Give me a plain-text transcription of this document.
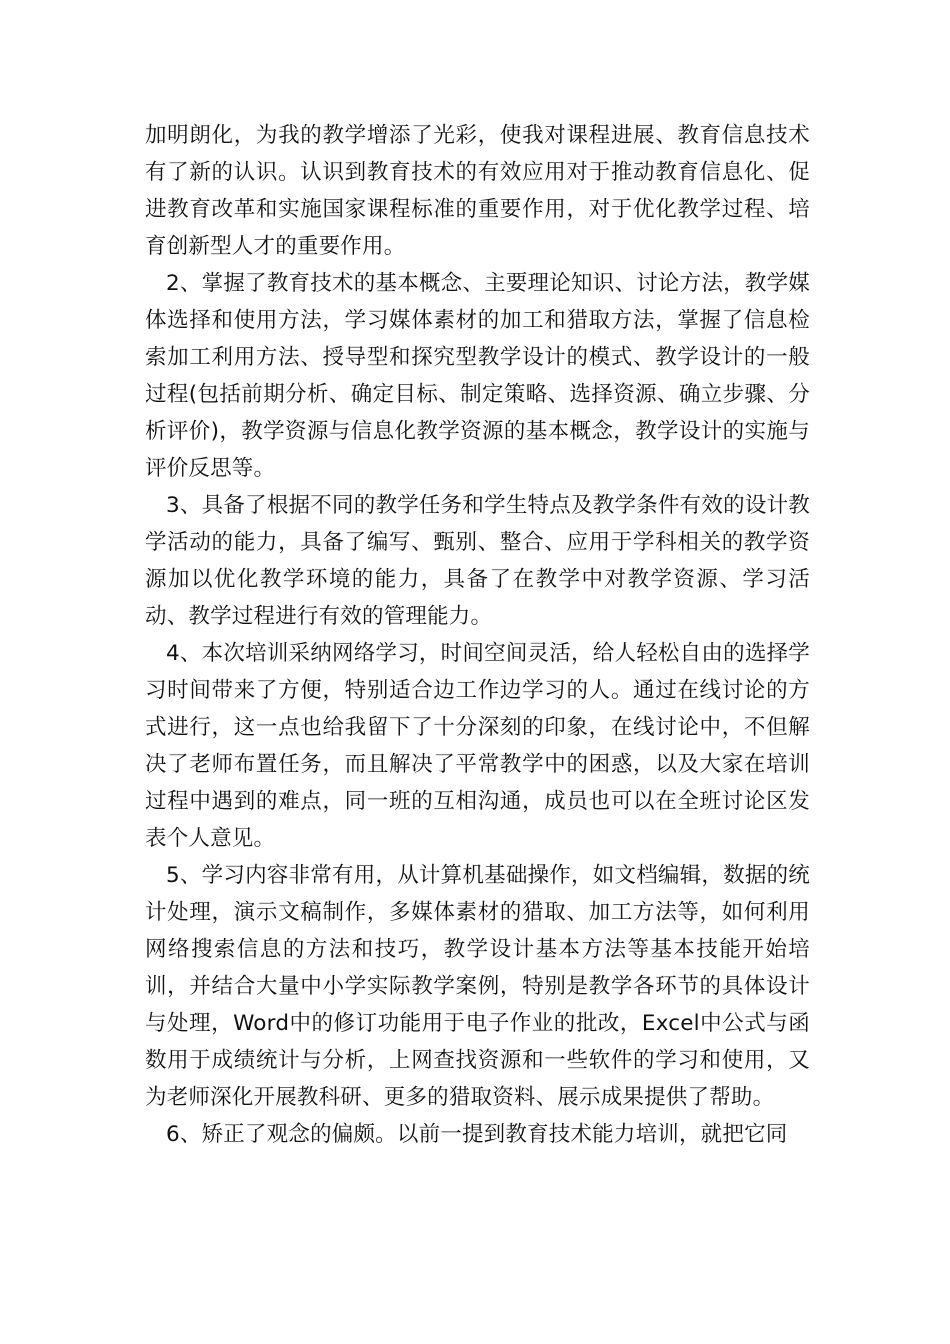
加明朗化，为我的教学增添了光彩，使我对课程进展、教育信息技术有了新的认识。认识到教育技术的有效应用对于推动教育信息化、促进教育改革和实施国家课程标准的重要作用，对于优化教学过程、培育创新型人才的重要作用。

2、掌握了教育技术的基本概念、主要理论知识、讨论方法，教学媒体选择和使用方法，学习媒体素材的加工和猎取方法，掌握了信息检索加工利用方法、授导型和探究型教学设计的模式、教学设计的一般过程(包括前期分析、确定目标、制定策略、选择资源、确立步骤、分析评价)，教学资源与信息化教学资源的基本概念，教学设计的实施与评价反思等。

3、具备了根据不同的教学任务和学生特点及教学条件有效的设计教学活动的能力，具备了编写、甄别、整合、应用于学科相关的教学资源加以优化教学环境的能力，具备了在教学中对教学资源、学习活动、教学过程进行有效的管理能力。

4、本次培训采纳网络学习，时间空间灵活，给人轻松自由的选择学习时间带来了方便，特别适合边工作边学习的人。通过在线讨论的方式进行，这一点也给我留下了十分深刻的印象，在线讨论中，不但解决了老师布置任务，而且解决了平常教学中的困惑，以及大家在培训过程中遇到的难点，同一班的互相沟通，成员也可以在全班讨论区发表个人意见。

5、学习内容非常有用，从计算机基础操作，如文档编辑，数据的统计处理，演示文稿制作，多媒体素材的猎取、加工方法等，如何利用网络搜索信息的方法和技巧，教学设计基本方法等基本技能开始培训，并结合大量中小学实际教学案例，特别是教学各环节的具体设计与处理，Word中的修订功能用于电子作业的批改，Excel中公式与函数用于成绩统计与分析，上网查找资源和一些软件的学习和使用，又为老师深化开展教科研、更多的猎取资料、展示成果提供了帮助。

6、矫正了观念的偏颇。以前一提到教育技术能力培训，就把它同
